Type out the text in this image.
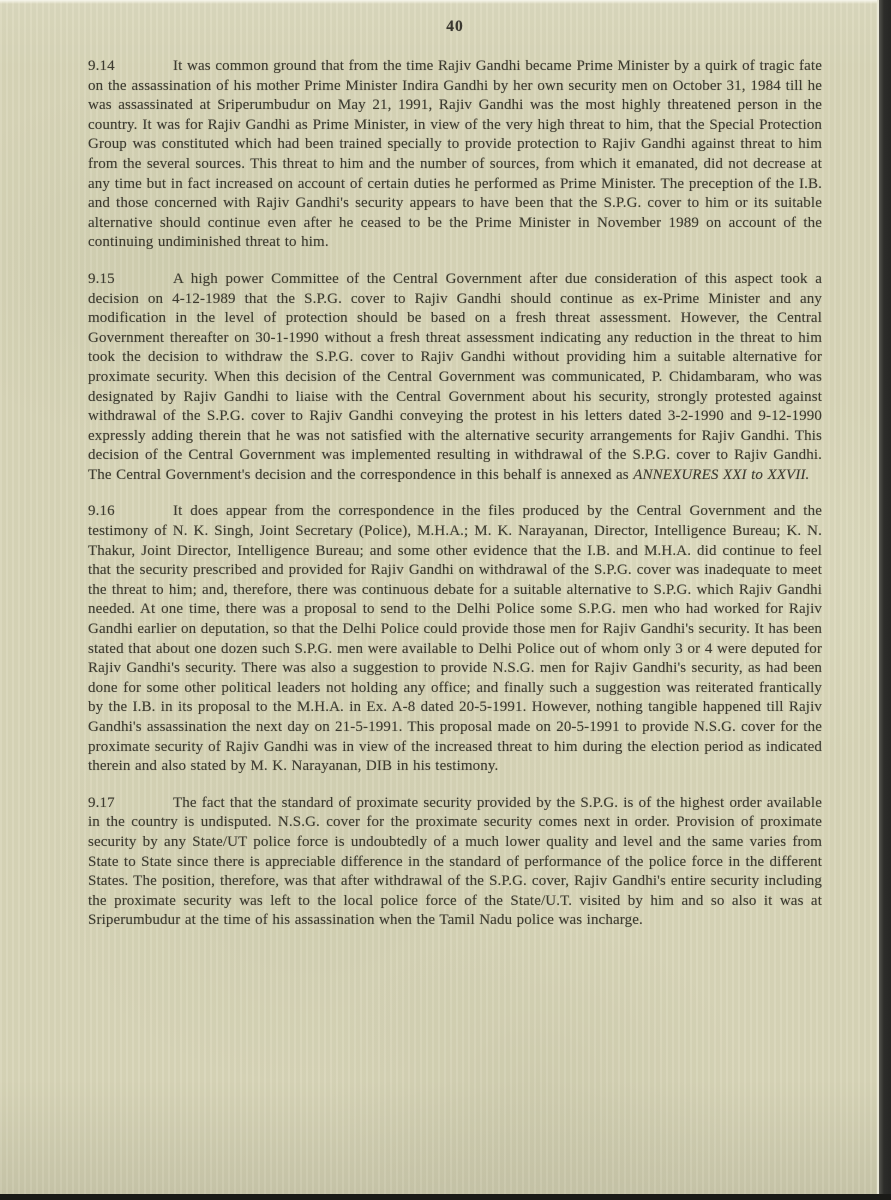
40

9.14	It was common ground that from the time Rajiv Gandhi became Prime Minister by a quirk of tragic fate on the assassination of his mother Prime Minister Indira Gandhi by her own security men on October 31, 1984 till he was assassinated at Sriperumbudur on May 21, 1991, Rajiv Gandhi was the most highly threatened person in the country. It was for Rajiv Gandhi as Prime Minister, in view of the very high threat to him, that the Special Protection Group was constituted which had been trained specially to provide protection to Rajiv Gandhi against threat to him from the several sources. This threat to him and the number of sources, from which it emanated, did not decrease at any time but in fact increased on account of certain duties he performed as Prime Minister. The preception of the I.B. and those concerned with Rajiv Gandhi's security appears to have been that the S.P.G. cover to him or its suitable alternative should continue even after he ceased to be the Prime Minister in November 1989 on account of the continuing undiminished threat to him.

9.15	A high power Committee of the Central Government after due consideration of this aspect took a decision on 4-12-1989 that the S.P.G. cover to Rajiv Gandhi should continue as ex-Prime Minister and any modification in the level of protection should be based on a fresh threat assessment. However, the Central Government thereafter on 30-1-1990 without a fresh threat assessment indicating any reduction in the threat to him took the decision to withdraw the S.P.G. cover to Rajiv Gandhi without providing him a suitable alternative for proximate security. When this decision of the Central Government was communicated, P. Chidambaram, who was designated by Rajiv Gandhi to liaise with the Central Government about his security, strongly protested against withdrawal of the S.P.G. cover to Rajiv Gandhi conveying the protest in his letters dated 3-2-1990 and 9-12-1990 expressly adding therein that he was not satisfied with the alternative security arrangements for Rajiv Gandhi. This decision of the Central Government was implemented resulting in withdrawal of the S.P.G. cover to Rajiv Gandhi. The Central Government's decision and the correspondence in this behalf is annexed as ANNEXURES XXI to XXVII.

9.16	It does appear from the correspondence in the files produced by the Central Government and the testimony of N. K. Singh, Joint Secretary (Police), M.H.A.; M. K. Narayanan, Director, Intelligence Bureau; K. N. Thakur, Joint Director, Intelligence Bureau; and some other evidence that the I.B. and M.H.A. did continue to feel that the security prescribed and provided for Rajiv Gandhi on withdrawal of the S.P.G. cover was inadequate to meet the threat to him; and, therefore, there was continuous debate for a suitable alternative to S.P.G. which Rajiv Gandhi needed. At one time, there was a proposal to send to the Delhi Police some S.P.G. men who had worked for Rajiv Gandhi earlier on deputation, so that the Delhi Police could provide those men for Rajiv Gandhi's security. It has been stated that about one dozen such S.P.G. men were available to Delhi Police out of whom only 3 or 4 were deputed for Rajiv Gandhi's security. There was also a suggestion to provide N.S.G. men for Rajiv Gandhi's security, as had been done for some other political leaders not holding any office; and finally such a suggestion was reiterated frantically by the I.B. in its proposal to the M.H.A. in Ex. A-8 dated 20-5-1991. However, nothing tangible happened till Rajiv Gandhi's assassination the next day on 21-5-1991. This proposal made on 20-5-1991 to provide N.S.G. cover for the proximate security of Rajiv Gandhi was in view of the increased threat to him during the election period as indicated therein and also stated by M. K. Narayanan, DIB in his testimony.

9.17	The fact that the standard of proximate security provided by the S.P.G. is of the highest order available in the country is undisputed. N.S.G. cover for the proximate security comes next in order. Provision of proximate security by any State/UT police force is undoubtedly of a much lower quality and level and the same varies from State to State since there is appreciable difference in the standard of performance of the police force in the different States. The position, therefore, was that after withdrawal of the S.P.G. cover, Rajiv Gandhi's entire security including the proximate security was left to the local police force of the State/U.T. visited by him and so also it was at Sriperumbudur at the time of his assassination when the Tamil Nadu police was incharge.
